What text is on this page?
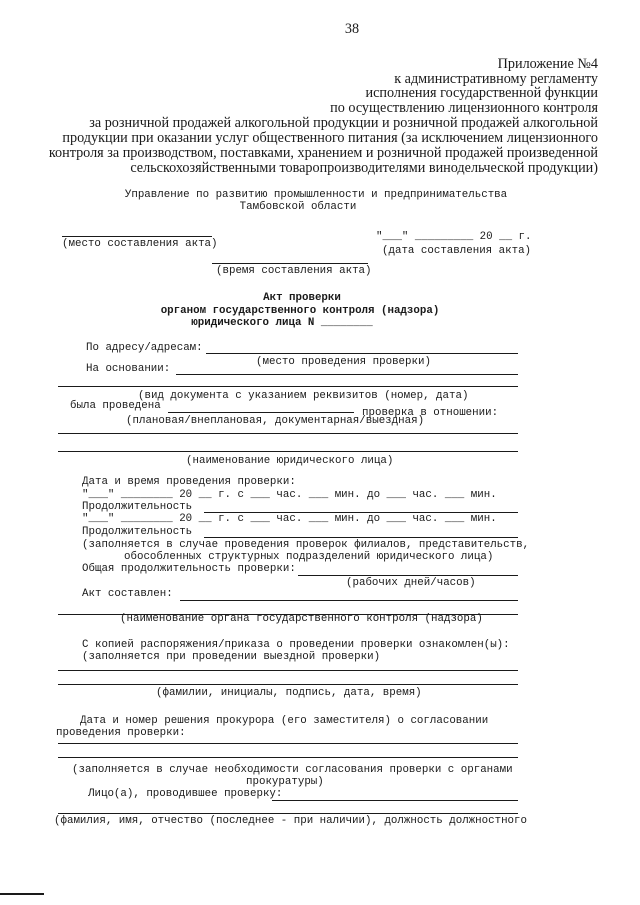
38
Приложение №4
к административному регламенту
исполнения государственной функции
по осуществлению лицензионного контроля
за розничной продажей алкогольной продукции и розничной продажей алкогольной
продукции при оказании услуг общественного питания (за исключением лицензионного
контроля за производством, поставками, хранением и розничной продажей произведенной
сельскохозяйственными товаропроизводителями винодельческой продукции)
Управление по развитию промышленности и предпринимательства
Тамбовской области
"___" _________ 20 __ г.
(место составления акта)
(дата составления акта)
(время составления акта)
Акт проверки
органом государственного контроля (надзора)
юридического лица N ________
По адресу/адресам:
(место проведения проверки)
На основании:
(вид документа с указанием реквизитов (номер, дата)
была проведена
проверка в отношении:
(плановая/внеплановая, документарная/выездная)
(наименование юридического лица)
Дата и время проведения проверки:
"___" ________ 20 __ г. с ___ час. ___ мин. до ___ час. ___ мин.
Продолжительность
"___" ________ 20 __ г. с ___ час. ___ мин. до ___ час. ___ мин.
Продолжительность
(заполняется в случае проведения проверок филиалов, представительств,
обособленных структурных подразделений юридического лица)
Общая продолжительность проверки:
(рабочих дней/часов)
Акт составлен:
(наименование органа государственного контроля (надзора)
С копией распоряжения/приказа о проведении проверки ознакомлен(ы):
(заполняется при проведении выездной проверки)
(фамилии, инициалы, подпись, дата, время)
Дата и номер решения прокурора (его заместителя) о согласовании
проведения проверки:
(заполняется в случае необходимости согласования проверки с органами
прокуратуры)
Лицо(а), проводившее проверку:
(фамилия, имя, отчество (последнее - при наличии), должность должностного
